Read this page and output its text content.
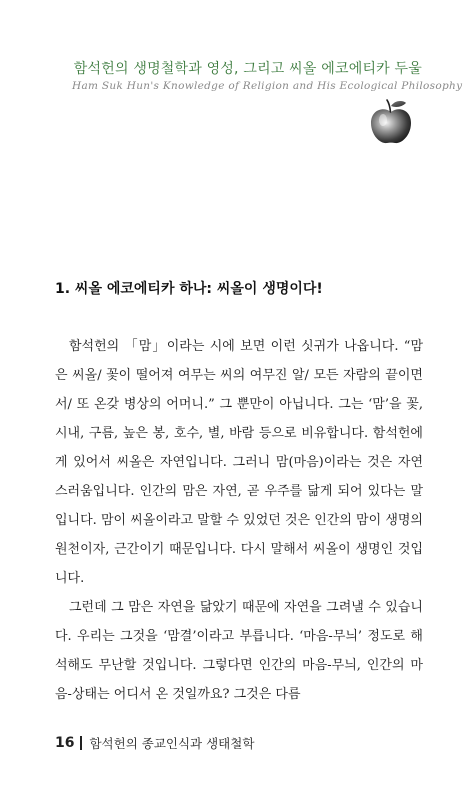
함석헌의 생명철학과 영성, 그리고 씨올 에코에티카 두울
Ham Suk Hun's Knowledge of Religion and His Ecological Philosophy
1. 씨올 에코에티카 하나: 씨올이 생명이다!

함석헌의 「맘」이라는 시에 보면 이런 싯귀가 나옵니다. “맘은 씨올/ 꽃이 떨어져 여무는 씨의 여무진 알/ 모든 자람의 끝이면서/ 또 온갖 병상의 어머니.” 그 뿐만이 아닙니다. 그는 ‘맘’을 꽃, 시내, 구름, 높은 봉, 호수, 별, 바람 등으로 비유합니다. 함석헌에게 있어서 씨올은 자연입니다. 그러니 맘(마음)이라는 것은 자연스러움입니다. 인간의 맘은 자연, 곧 우주를 닮게 되어 있다는 말입니다. 맘이 씨올이라고 말할 수 있었던 것은 인간의 맘이 생명의 원천이자, 근간이기 때문입니다. 다시 말해서 씨올이 생명인 것입니다.

그런데 그 맘은 자연을 닮았기 때문에 자연을 그려낼 수 있습니다. 우리는 그것을 ‘맘결’이라고 부릅니다. ‘마음-무늬’ 정도로 해석해도 무난할 것입니다. 그렇다면 인간의 마음-무늬, 인간의 마음-상태는 어디서 온 것일까요? 그것은 다름

16 함석헌의 종교인식과 생태철학
